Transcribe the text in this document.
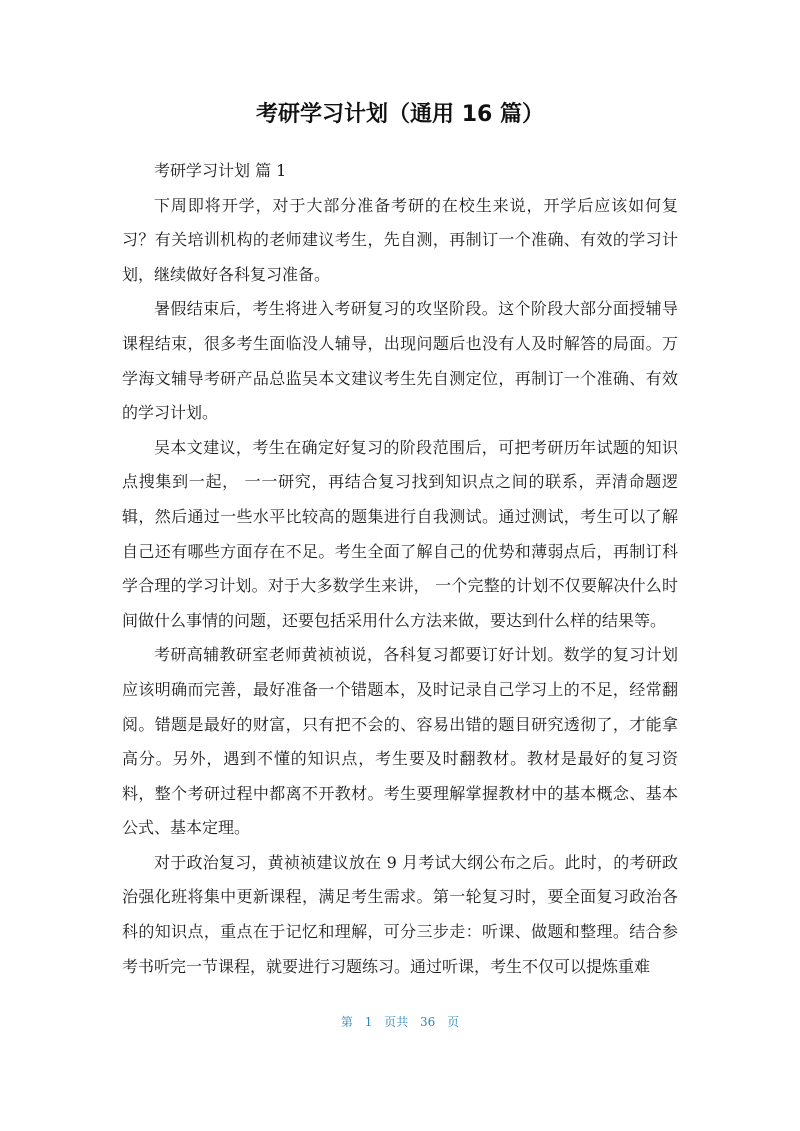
考研学习计划（通用 16 篇）

考研学习计划 篇 1

下周即将开学，对于大部分准备考研的在校生来说，开学后应该如何复习？有关培训机构的老师建议考生，先自测，再制订一个准确、有效的学习计划，继续做好各科复习准备。

暑假结束后，考生将进入考研复习的攻坚阶段。这个阶段大部分面授辅导课程结束，很多考生面临没人辅导，出现问题后也没有人及时解答的局面。万学海文辅导考研产品总监吴本文建议考生先自测定位，再制订一个准确、有效的学习计划。

吴本文建议，考生在确定好复习的阶段范围后，可把考研历年试题的知识点搜集到一起， 一一研究，再结合复习找到知识点之间的联系，弄清命题逻辑，然后通过一些水平比较高的题集进行自我测试。通过测试，考生可以了解自己还有哪些方面存在不足。考生全面了解自己的优势和薄弱点后，再制订科学合理的学习计划。对于大多数学生来讲， 一个完整的计划不仅要解决什么时间做什么事情的问题，还要包括采用什么方法来做，要达到什么样的结果等。

考研高辅教研室老师黄祯祯说，各科复习都要订好计划。数学的复习计划应该明确而完善，最好准备一个错题本，及时记录自己学习上的不足，经常翻阅。错题是最好的财富，只有把不会的、容易出错的题目研究透彻了，才能拿高分。另外，遇到不懂的知识点，考生要及时翻教材。教材是最好的复习资料，整个考研过程中都离不开教材。考生要理解掌握教材中的基本概念、基本公式、基本定理。

对于政治复习，黄祯祯建议放在 9 月考试大纲公布之后。此时，的考研政治强化班将集中更新课程，满足考生需求。第一轮复习时，要全面复习政治各科的知识点，重点在于记忆和理解，可分三步走：听课、做题和整理。结合参考书听完一节课程，就要进行习题练习。通过听课，考生不仅可以提炼重难

第 1 页共 36 页
